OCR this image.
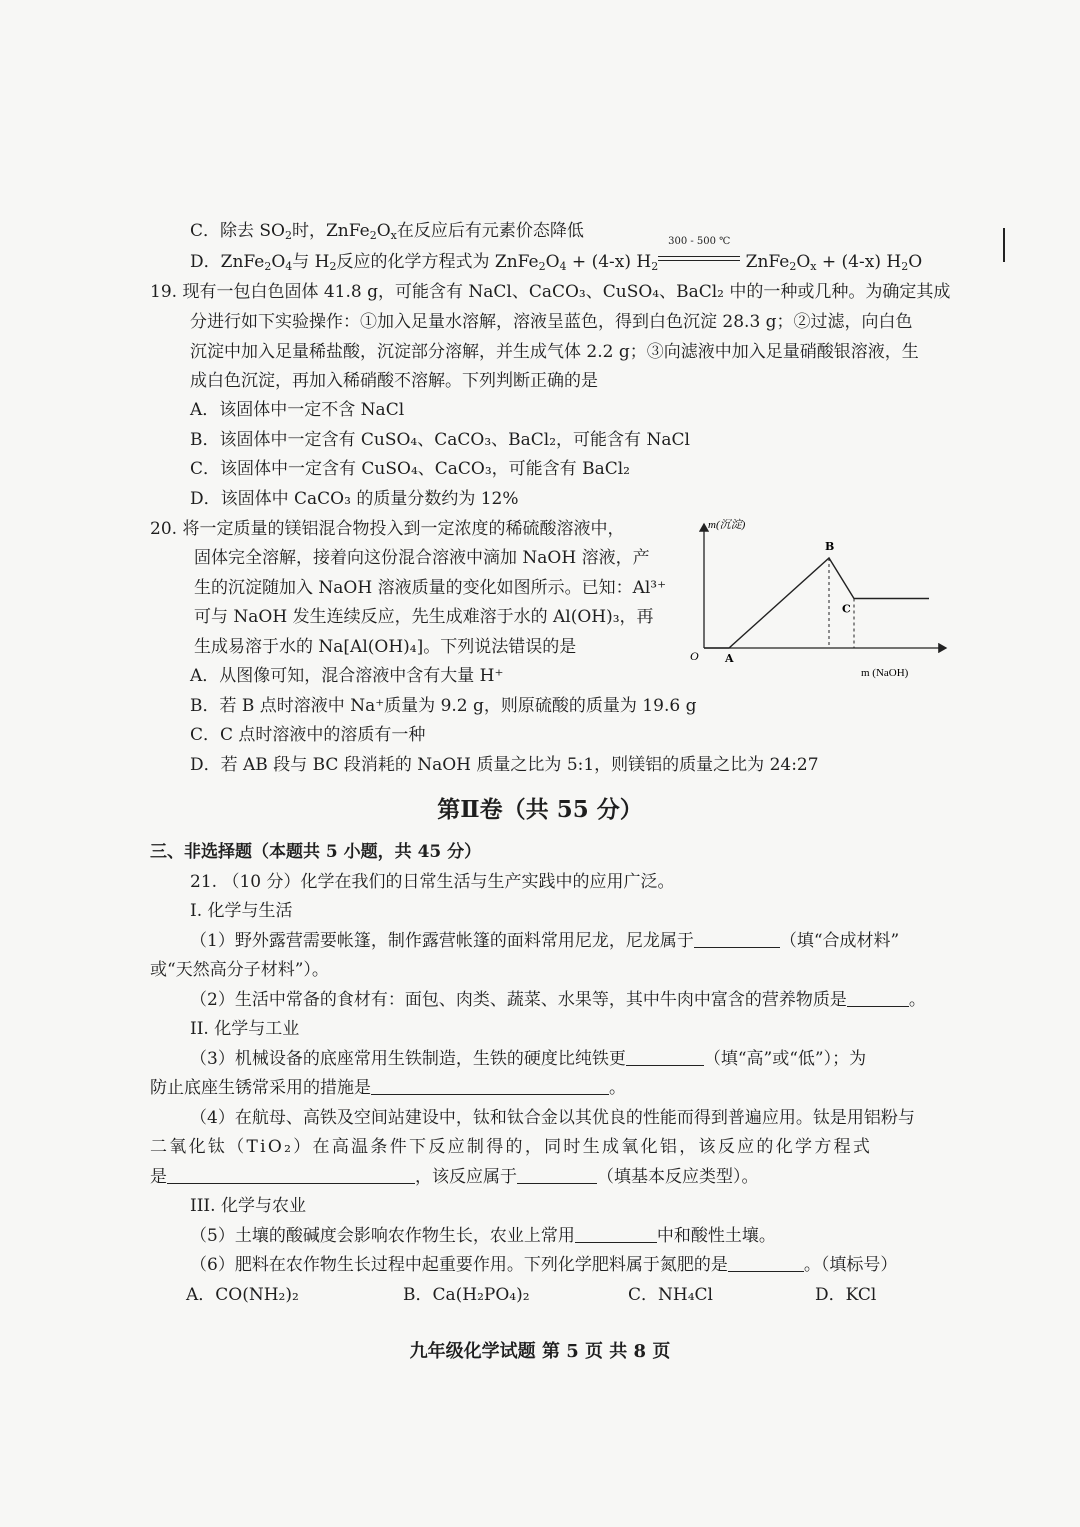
C．除去 $SO_2$时，$ZnFe_2O_x$在反应后有元素价态降低
D．$ZnFe_2O_4$与 $H_2$反应的化学方程式为 $ZnFe_2O_4 + (4-x)$ $H_2$
300 - 500 ℃
$ZnFe_2O_x + (4-x)$ $H_2O$
19. 现有一包白色固体 41.8 g，可能含有 NaCl、CaCO₃、CuSO₄、BaCl₂ 中的一种或几种。为确定其成
分进行如下实验操作：①加入足量水溶解，溶液呈蓝色，得到白色沉淀 28.3 g；②过滤，向白色
沉淀中加入足量稀盐酸，沉淀部分溶解，并生成气体 2.2 g；③向滤液中加入足量硝酸银溶液，生
成白色沉淀，再加入稀硝酸不溶解。下列判断正确的是
A．该固体中一定不含 NaCl
B．该固体中一定含有 CuSO₄、CaCO₃、BaCl₂，可能含有 NaCl
C．该固体中一定含有 CuSO₄、CaCO₃，可能含有 BaCl₂
D．该固体中 CaCO₃ 的质量分数约为 12%
20. 将一定质量的镁铝混合物投入到一定浓度的稀硫酸溶液中，
固体完全溶解，接着向这份混合溶液中滴加 NaOH 溶液，产
生的沉淀随加入 NaOH 溶液质量的变化如图所示。已知：Al³⁺
可与 NaOH 发生连续反应，先生成难溶于水的 Al(OH)₃，再
生成易溶于水的 Na[Al(OH)₄]。下列说法错误的是
A．从图像可知，混合溶液中含有大量 H⁺
B．若 B 点时溶液中 Na⁺质量为 9.2 g，则原硫酸的质量为 19.6 g
C．C 点时溶液中的溶质有一种
D．若 AB 段与 BC 段消耗的 NaOH 质量之比为 5:1，则镁铝的质量之比为 24:27
m(沉淀)
m (NaOH)
O A
B
C
第Ⅱ卷（共 55 分）
三、非选择题（本题共 5 小题，共 45 分）
21. （10 分）化学在我们的日常生活与生产实践中的应用广泛。
I. 化学与生活
（1）野外露营需要帐篷，制作露营帐篷的面料常用尼龙，尼龙属于	（填“合成材料”
或“天然高分子材料”）。
（2）生活中常备的食材有：面包、肉类、蔬菜、水果等，其中牛肉中富含的营养物质是	。
II. 化学与工业
（3）机械设备的底座常用生铁制造，生铁的硬度比纯铁更	（填“高”或“低”）；为
防止底座生锈常采用的措施是	。
（4）在航母、高铁及空间站建设中，钛和钛合金以其优良的性能而得到普遍应用。钛是用铝粉与
二氧化钛（TiO₂）在高温条件下反应制得的，同时生成氧化铝，该反应的化学方程式
是	，该反应属于	（填基本反应类型）。
III. 化学与农业
（5）土壤的酸碱度会影响农作物生长，农业上常用	中和酸性土壤。
（6）肥料在农作物生长过程中起重要作用。下列化学肥料属于氮肥的是	。（填标号）
A．CO(NH₂)₂	B．Ca(H₂PO₄)₂	C．NH₄Cl	D．KCl
九年级化学试题 第 5 页 共 8 页
